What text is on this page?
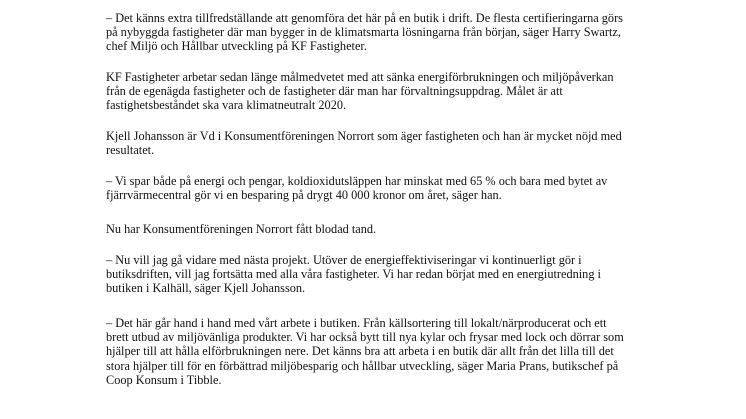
– Det känns extra tillfredställande att genomföra det här på en butik i drift. De flesta certifieringarna görs
på nybyggda fastigheter där man bygger in de klimatsmarta lösningarna från början, säger Harry Swartz,
chef Miljö och Hållbar utveckling på KF Fastigheter.

KF Fastigheter arbetar sedan länge målmedvetet med att sänka energiförbrukningen och miljöpåverkan
från de egenägda fastigheter och de fastigheter där man har förvaltningsuppdrag. Målet är att
fastighetsbeståndet ska vara klimatneutralt 2020.

Kjell Johansson är Vd i Konsumentföreningen Norrort som äger fastigheten och han är mycket nöjd med
resultatet.

– Vi spar både på energi och pengar, koldioxidutsläppen har minskat med 65 % och bara med bytet av
fjärrvärmecentral gör vi en besparing på drygt 40 000 kronor om året, säger han.

Nu har Konsumentföreningen Norrort fått blodad tand.

– Nu vill jag gå vidare med nästa projekt. Utöver de energieffektiviseringar vi kontinuerligt gör i
butiksdriften, vill jag fortsätta med alla våra fastigheter. Vi har redan börjat med en energiutredning i
butiken i Kalhäll, säger Kjell Johansson.

– Det här går hand i hand med vårt arbete i butiken. Från källsortering till lokalt/närproducerat och ett
brett utbud av miljövänliga produkter. Vi har också bytt till nya kylar och frysar med lock och dörrar som
hjälper till att hålla elförbrukningen nere. Det känns bra att arbeta i en butik där allt från det lilla till det
stora hjälper till för en förbättrad miljöbesparig och hållbar utveckling, säger Maria Prans, butikschef på
Coop Konsum i Tibble.
